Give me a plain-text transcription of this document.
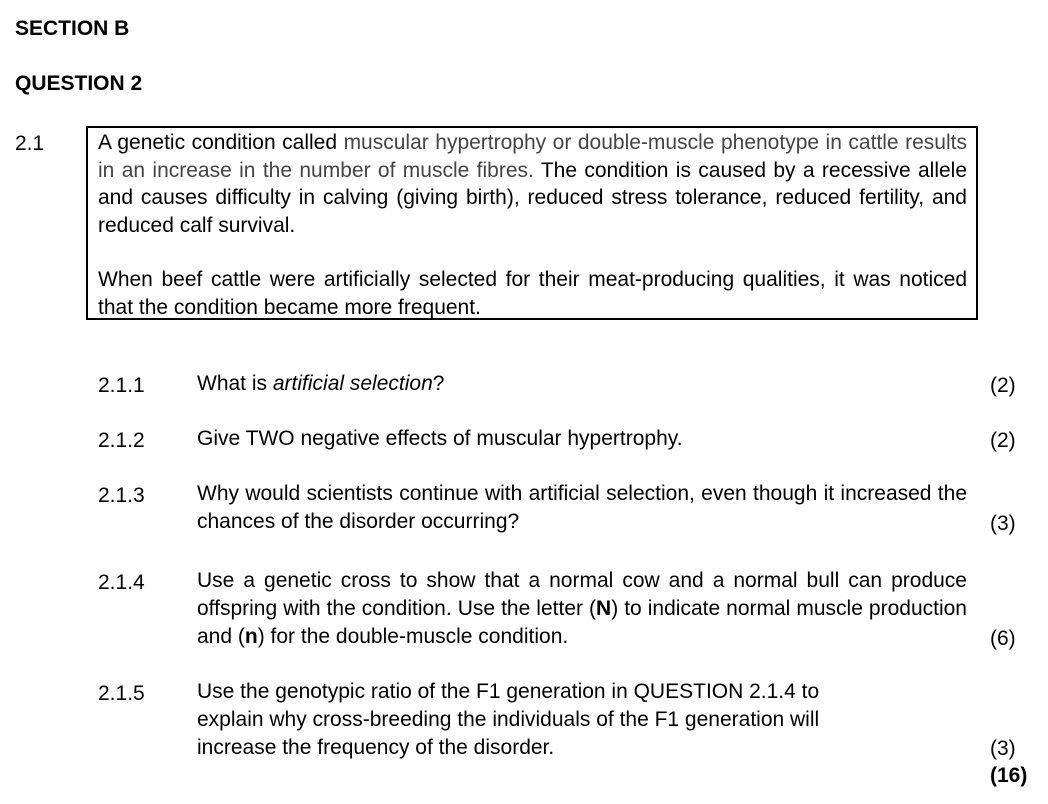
SECTION B
QUESTION 2
2.1	A genetic condition called muscular hypertrophy or double-muscle phenotype in cattle results in an increase in the number of muscle fibres. The condition is caused by a recessive allele and causes difficulty in calving (giving birth), reduced stress tolerance, reduced fertility, and reduced calf survival.

When beef cattle were artificially selected for their meat-producing qualities, it was noticed that the condition became more frequent.

2.1.1 What is artificial selection?	(2)
2.1.2 Give TWO negative effects of muscular hypertrophy.	(2)
2.1.3 Why would scientists continue with artificial selection, even though it increased the chances of the disorder occurring?	(3)
2.1.4 Use a genetic cross to show that a normal cow and a normal bull can produce offspring with the condition. Use the letter (N) to indicate normal muscle production and (n) for the double-muscle condition.	(6)
2.1.5 Use the genotypic ratio of the F1 generation in QUESTION 2.1.4 to
explain why cross-breeding the individuals of the F1 generation will
increase the frequency of the disorder.	(3)
(16)
